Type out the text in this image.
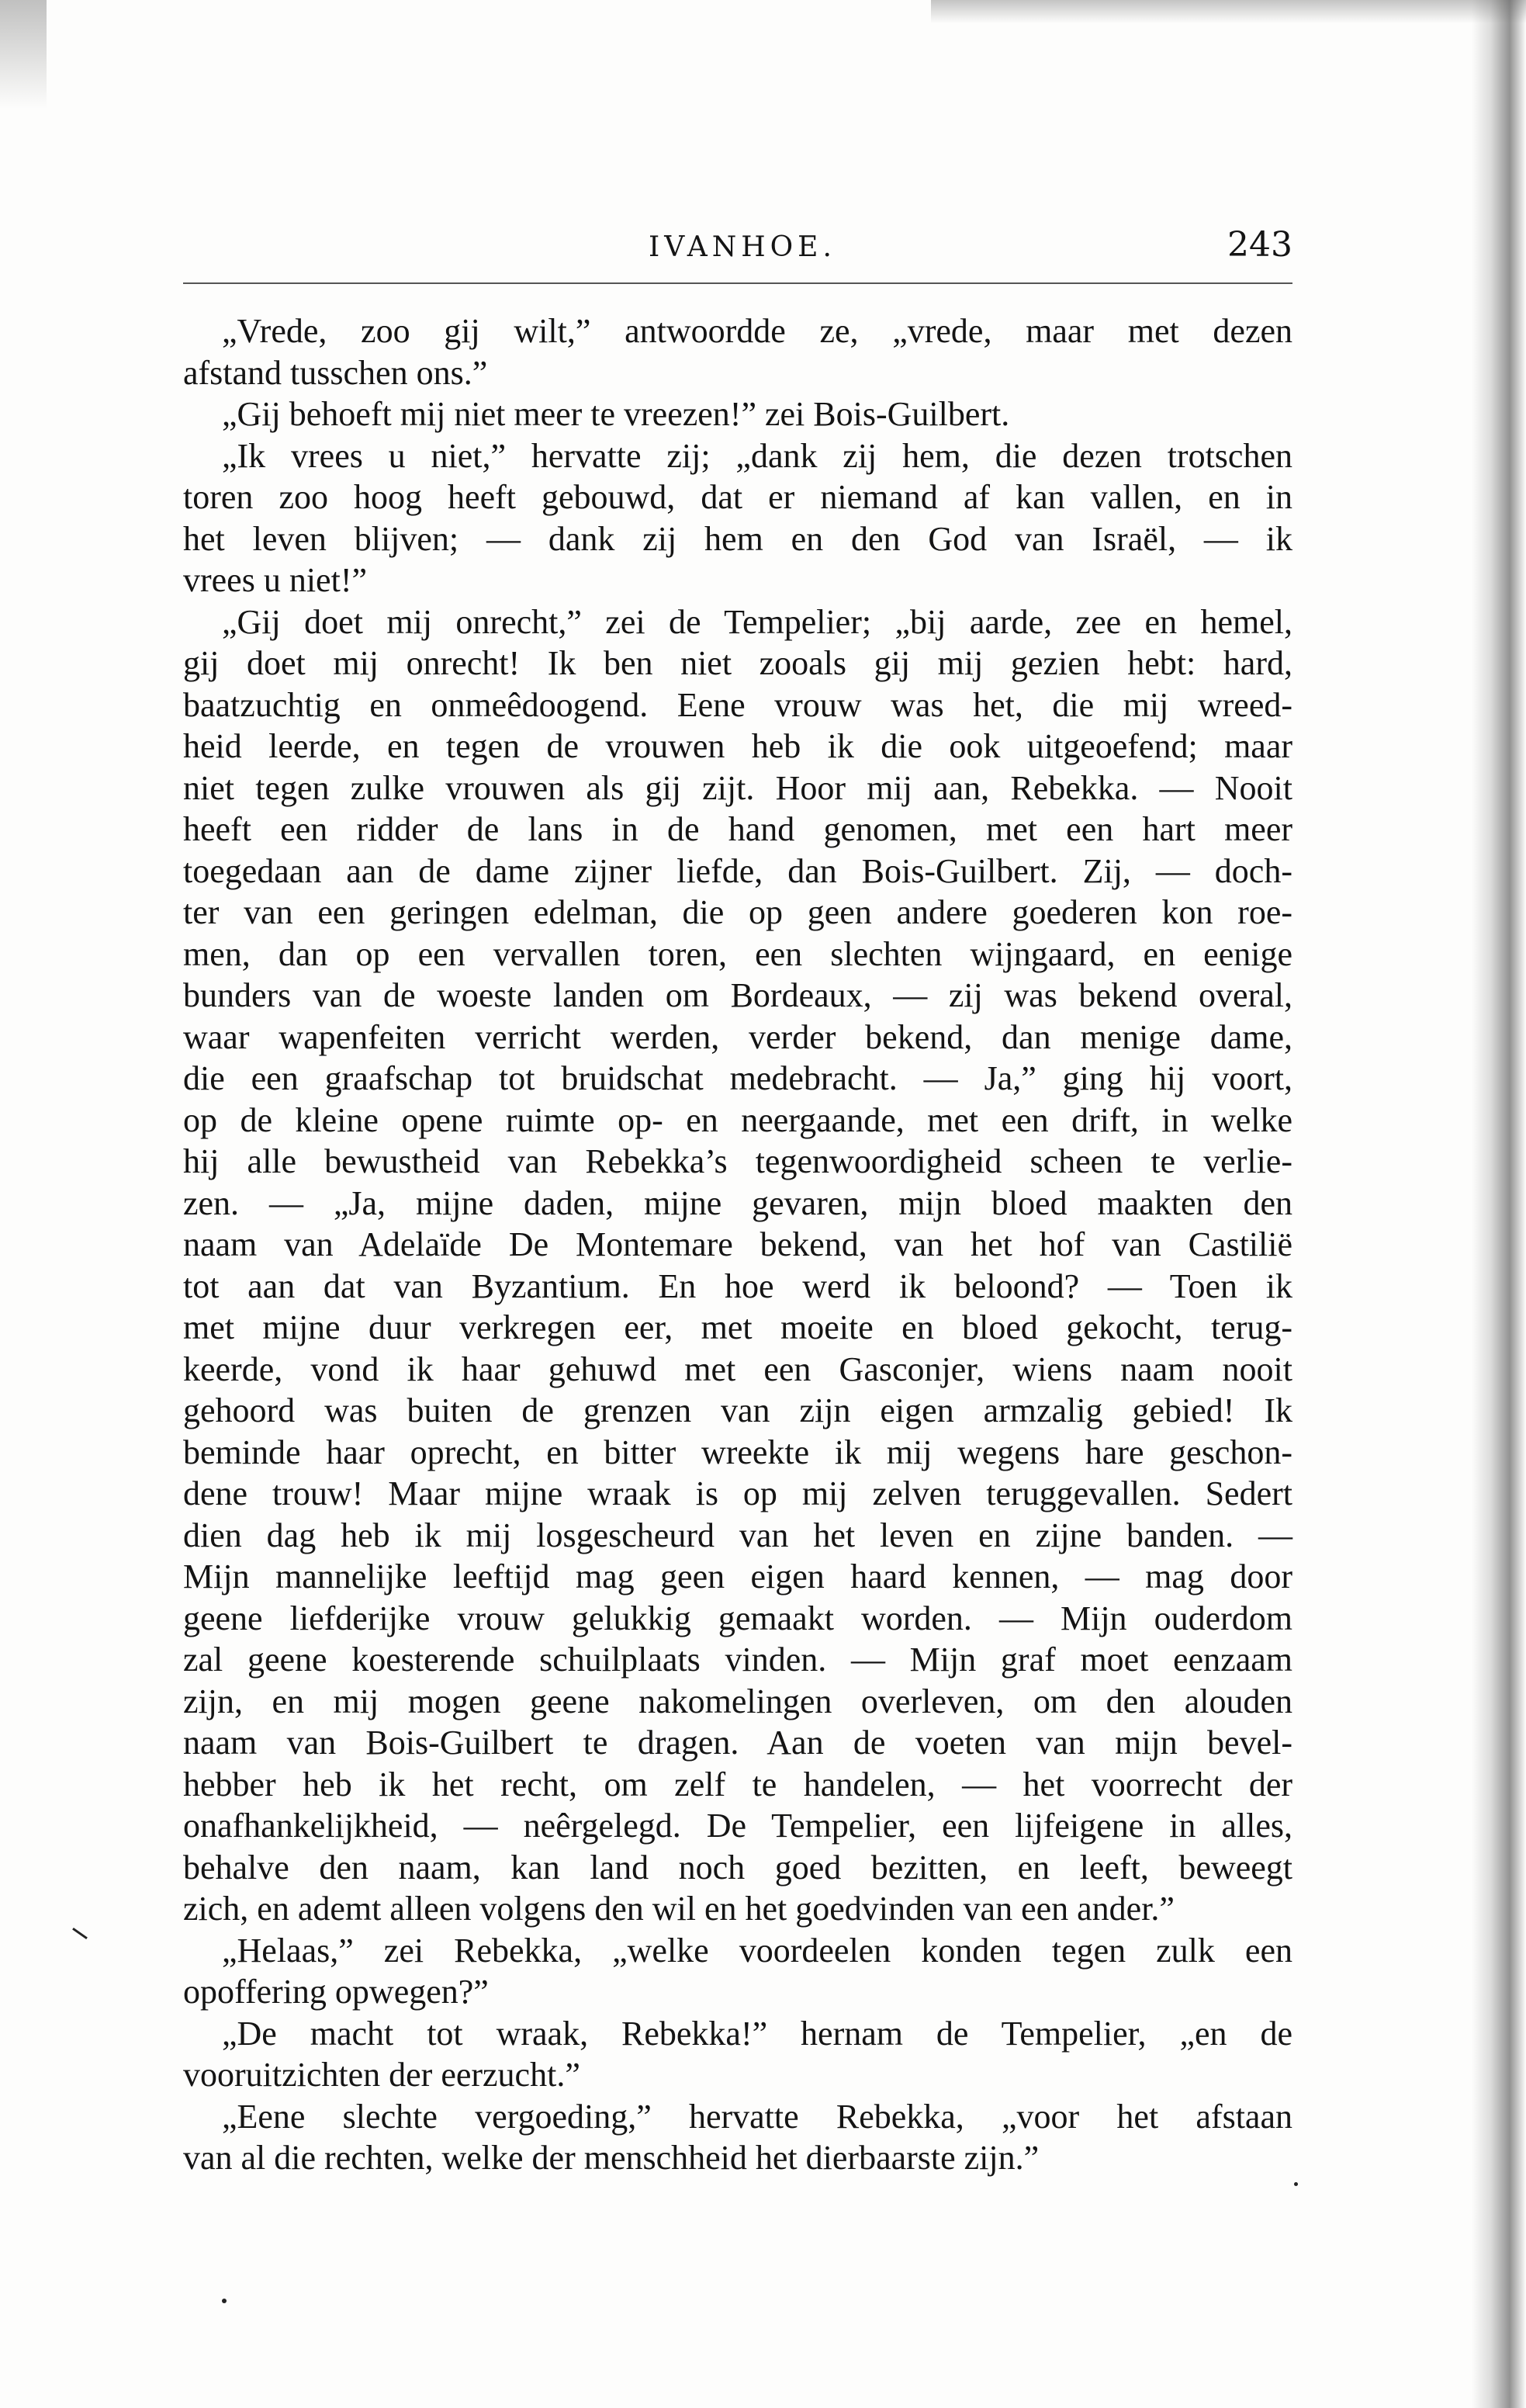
IVANHOE.	243
„Vrede, zoo gij wilt,” antwoordde ze, „vrede, maar met dezen
afstand tusschen ons.”
„Gij behoeft mij niet meer te vreezen!” zei Bois-Guilbert.
„Ik vrees u niet,” hervatte zij; „dank zij hem, die dezen trotschen
toren zoo hoog heeft gebouwd, dat er niemand af kan vallen, en in
het leven blijven; — dank zij hem en den God van Israël, — ik
vrees u niet!”
„Gij doet mij onrecht,” zei de Tempelier; „bij aarde, zee en hemel,
gij doet mij onrecht! Ik ben niet zooals gij mij gezien hebt: hard,
baatzuchtig en onmeêdoogend. Eene vrouw was het, die mij wreed-
heid leerde, en tegen de vrouwen heb ik die ook uitgeoefend; maar
niet tegen zulke vrouwen als gij zijt. Hoor mij aan, Rebekka. — Nooit
heeft een ridder de lans in de hand genomen, met een hart meer
toegedaan aan de dame zijner liefde, dan Bois-Guilbert. Zij, — doch-
ter van een geringen edelman, die op geen andere goederen kon roe-
men, dan op een vervallen toren, een slechten wijngaard, en eenige
bunders van de woeste landen om Bordeaux, — zij was bekend overal,
waar wapenfeiten verricht werden, verder bekend, dan menige dame,
die een graafschap tot bruidschat medebracht. — Ja,” ging hij voort,
op de kleine opene ruimte op- en neergaande, met een drift, in welke
hij alle bewustheid van Rebekka’s tegenwoordigheid scheen te verlie-
zen. — „Ja, mijne daden, mijne gevaren, mijn bloed maakten den
naam van Adelaïde De Montemare bekend, van het hof van Castilië
tot aan dat van Byzantium. En hoe werd ik beloond? — Toen ik
met mijne duur verkregen eer, met moeite en bloed gekocht, terug-
keerde, vond ik haar gehuwd met een Gasconjer, wiens naam nooit
gehoord was buiten de grenzen van zijn eigen armzalig gebied! Ik
beminde haar oprecht, en bitter wreekte ik mij wegens hare geschon-
dene trouw! Maar mijne wraak is op mij zelven teruggevallen. Sedert
dien dag heb ik mij losgescheurd van het leven en zijne banden. —
Mijn mannelijke leeftijd mag geen eigen haard kennen, — mag door
geene liefderijke vrouw gelukkig gemaakt worden. — Mijn ouderdom
zal geene koesterende schuilplaats vinden. — Mijn graf moet eenzaam
zijn, en mij mogen geene nakomelingen overleven, om den alouden
naam van Bois-Guilbert te dragen. Aan de voeten van mijn bevel-
hebber heb ik het recht, om zelf te handelen, — het voorrecht der
onafhankelijkheid, — neêrgelegd. De Tempelier, een lijfeigene in alles,
behalve den naam, kan land noch goed bezitten, en leeft, beweegt
zich, en ademt alleen volgens den wil en het goedvinden van een ander.”
„Helaas,” zei Rebekka, „welke voordeelen konden tegen zulk een
opoffering opwegen?”
„De macht tot wraak, Rebekka!” hernam de Tempelier, „en de
vooruitzichten der eerzucht.”
„Eene slechte vergoeding,” hervatte Rebekka, „voor het afstaan
van al die rechten, welke der menschheid het dierbaarste zijn.”
